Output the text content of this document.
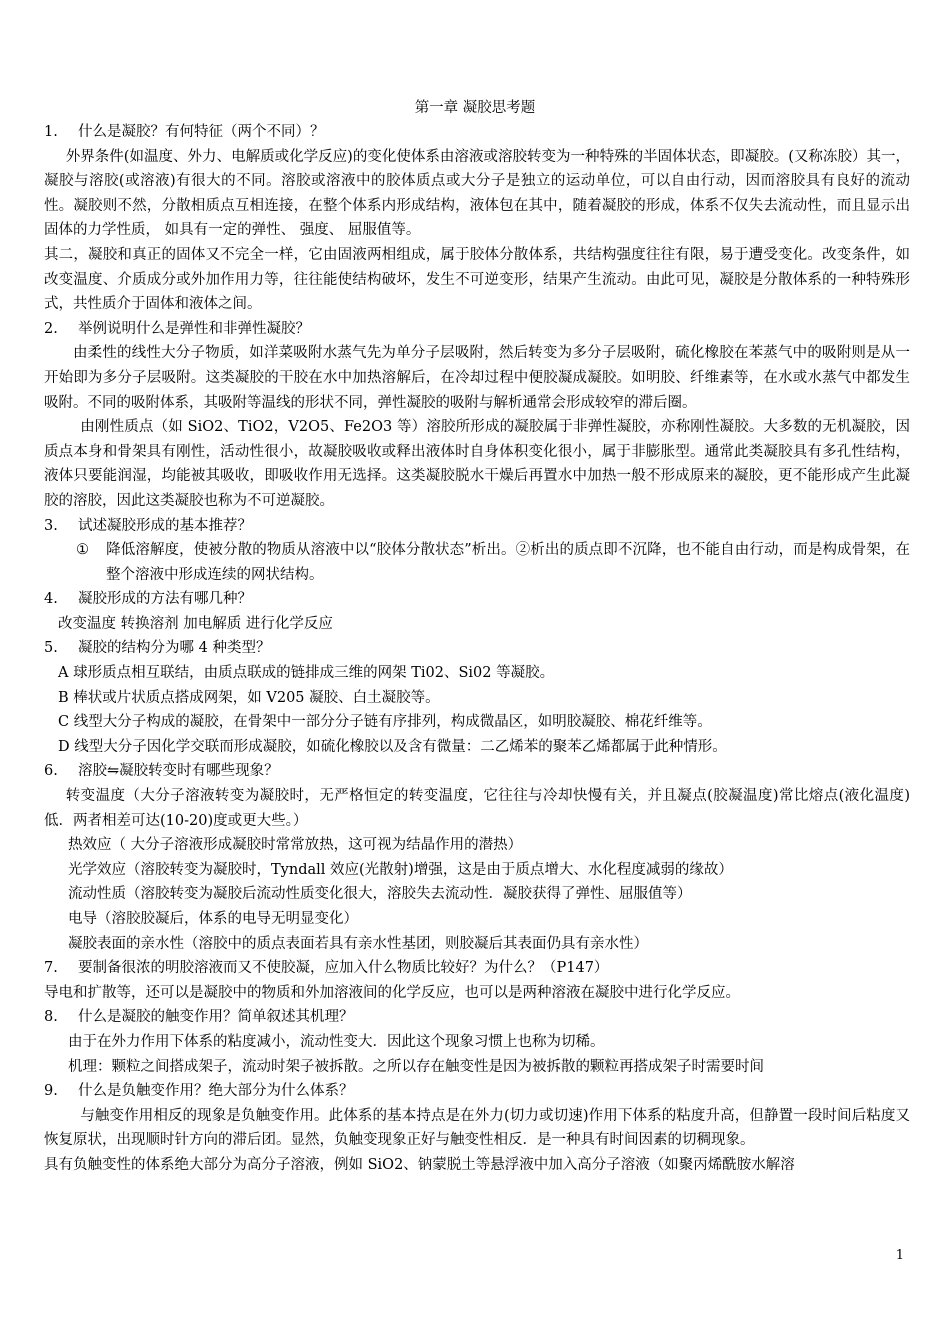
第一章 凝胶思考题

1. 什么是凝胶？有何特征（两个不同）？

外界条件(如温度、外力、电解质或化学反应)的变化使体系由溶液或溶胶转变为一种特殊的半固体状态，即凝胶。(又称冻胶）其一，凝胶与溶胶(或溶液)有很大的不同。溶胶或溶液中的胶体质点或大分子是独立的运动单位，可以自由行动，因而溶胶具有良好的流动性。凝胶则不然，分散相质点互相连接，在整个体系内形成结构，液体包在其中，随着凝胶的形成，体系不仅失去流动性，而且显示出固体的力学性质， 如具有一定的弹性、 强度、 屈服值等。

其二，凝胶和真正的固体又不完全一样，它由固液两相组成，属于胶体分散体系，共结构强度往往有限，易于遭受变化。改变条件，如改变温度、介质成分或外加作用力等，往往能使结构破坏，发生不可逆变形，结果产生流动。由此可见，凝胶是分散体系的一种特殊形式，共性质介于固体和液体之间。

2. 举例说明什么是弹性和非弹性凝胶？

由柔性的线性大分子物质，如洋菜吸附水蒸气先为单分子层吸附，然后转变为多分子层吸附，硫化橡胶在苯蒸气中的吸附则是从一开始即为多分子层吸附。这类凝胶的干胶在水中加热溶解后，在冷却过程中便胶凝成凝胶。如明胶、纤维素等，在水或水蒸气中都发生吸附。不同的吸附体系，其吸附等温线的形状不同，弹性凝胶的吸附与解析通常会形成较窄的滞后圈。

由刚性质点（如 SiO2、TiO2，V2O5、Fe2O3 等）溶胶所形成的凝胶属于非弹性凝胶，亦称刚性凝胶。大多数的无机凝胶，因质点本身和骨架具有刚性，活动性很小，故凝胶吸收或释出液体时自身体积变化很小，属于非膨胀型。通常此类凝胶具有多孔性结构，液体只要能润湿，均能被其吸收，即吸收作用无选择。这类凝胶脱水干燥后再置水中加热一般不形成原来的凝胶，更不能形成产生此凝胶的溶胶，因此这类凝胶也称为不可逆凝胶。

3. 试述凝胶形成的基本推荐？

① 降低溶解度，使被分散的物质从溶液中以“胶体分散状态”析出。②析出的质点即不沉降，也不能自由行动，而是构成骨架，在整个溶液中形成连续的网状结构。

4. 凝胶形成的方法有哪几种？

改变温度 转换溶剂 加电解质 进行化学反应

5. 凝胶的结构分为哪 4 种类型？

A 球形质点相互联结，由质点联成的链排成三维的网架 Ti02、Si02 等凝胶。

B 棒状或片状质点搭成网架，如 V205 凝胶、白土凝胶等。

C 线型大分子构成的凝胶，在骨架中一部分分子链有序排列，构成微晶区，如明胶凝胶、棉花纤维等。

D 线型大分子因化学交联而形成凝胶，如硫化橡胶以及含有微量：二乙烯苯的聚苯乙烯都属于此种情形。

6. 溶胶⇋凝胶转变时有哪些现象？

转变温度（大分子溶液转变为凝胶时，无严格恒定的转变温度，它往往与冷却快慢有关，并且凝点(胶凝温度)常比熔点(液化温度)低．两者相差可达(10-20)度或更大些。）

热效应（ 大分子溶液形成凝胶时常常放热，这可视为结晶作用的潜热）

光学效应（溶胶转变为凝胶时，Tyndall 效应(光散射)增强，这是由于质点增大、水化程度减弱的缘故）

流动性质（溶胶转变为凝胶后流动性质变化很大，溶胶失去流动性．凝胶获得了弹性、屈服值等）

电导（溶胶胶凝后，体系的电导无明显变化）

凝胶表面的亲水性（溶胶中的质点表面若具有亲水性基团，则胶凝后其表面仍具有亲水性）

7. 要制备很浓的明胶溶液而又不使胶凝，应加入什么物质比较好？为什么？（P147）

导电和扩散等，还可以是凝胶中的物质和外加溶液间的化学反应，也可以是两种溶液在凝胶中进行化学反应。

8. 什么是凝胶的触变作用？简单叙述其机理？

由于在外力作用下体系的粘度减小，流动性变大．因此这个现象习惯上也称为切稀。

机理：颗粒之间搭成架子，流动时架子被拆散。之所以存在触变性是因为被拆散的颗粒再搭成架子时需要时间

9. 什么是负触变作用？绝大部分为什么体系？

与触变作用相反的现象是负触变作用。此体系的基本持点是在外力(切力或切速)作用下体系的粘度升高，但静置一段时间后粘度又恢复原状，出现顺时针方向的滞后团。显然，负触变现象正好与触变性相反．是一种具有时间因素的切稠现象。

具有负触变性的体系绝大部分为高分子溶液，例如 SiO2、钠蒙脱土等悬浮液中加入高分子溶液（如聚丙烯酰胺水解溶

1
